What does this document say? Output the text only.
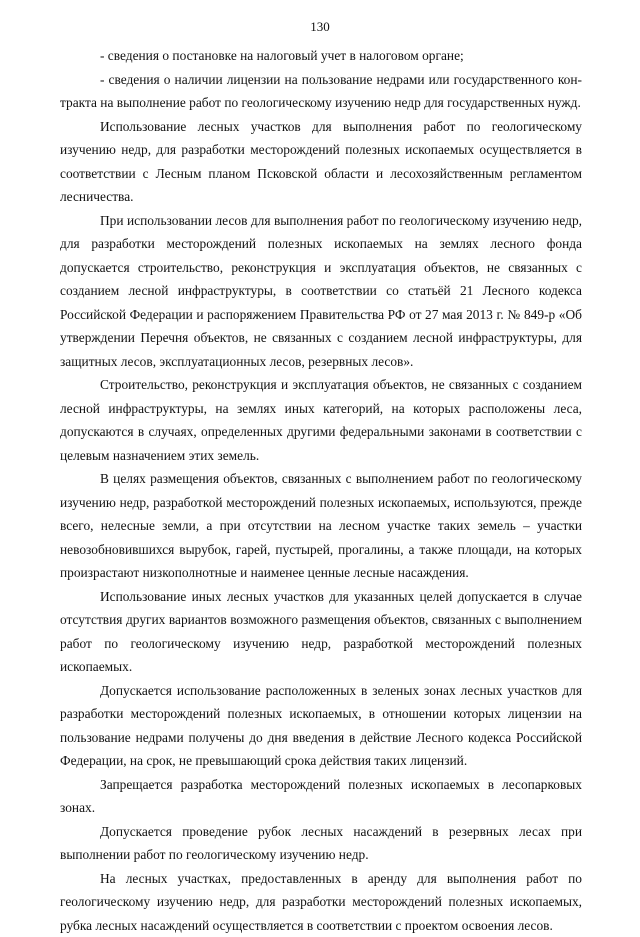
130

- сведения о постановке на налоговый учет в налоговом органе;

- сведения о наличии лицензии на пользование недрами или государственного контракта на выполнение работ по геологическому изучению недр для государственных нужд.

Использование лесных участков для выполнения работ по геологическому изучению недр, для разработки месторождений полезных ископаемых осуществляется в соответствии с Лесным планом Псковской области и лесохозяйственным регламентом лесничества.

При использовании лесов для выполнения работ по геологическому изучению недр, для разработки месторождений полезных ископаемых на землях лесного фонда допускается строительство, реконструкция и эксплуатация объектов, не связанных с созданием лесной инфраструктуры, в соответствии со статьёй 21 Лесного кодекса Российской Федерации и распоряжением Правительства РФ от 27 мая 2013 г. № 849-р «Об утверждении Перечня объектов, не связанных с созданием лесной инфраструктуры, для защитных лесов, эксплуатационных лесов, резервных лесов».

Строительство, реконструкция и эксплуатация объектов, не связанных с созданием лесной инфраструктуры, на землях иных категорий, на которых расположены леса, допускаются в случаях, определенных другими федеральными законами в соответствии с целевым назначением этих земель.

В целях размещения объектов, связанных с выполнением работ по геологическому изучению недр, разработкой месторождений полезных ископаемых, используются, прежде всего, нелесные земли, а при отсутствии на лесном участке таких земель – участки невозобновившихся вырубок, гарей, пустырей, прогалины, а также площади, на которых произрастают низкополнотные и наименее ценные лесные насаждения.

Использование иных лесных участков для указанных целей допускается в случае отсутствия других вариантов возможного размещения объектов, связанных с выполнением работ по геологическому изучению недр, разработкой месторождений полезных ископаемых.

Допускается использование расположенных в зеленых зонах лесных участков для разработки месторождений полезных ископаемых, в отношении которых лицензии на пользование недрами получены до дня введения в действие Лесного кодекса Российской Федерации, на срок, не превышающий срока действия таких лицензий.

Запрещается разработка месторождений полезных ископаемых в лесопарковых зонах.

Допускается проведение рубок лесных насаждений в резервных лесах при выполнении работ по геологическому изучению недр.

На лесных участках, предоставленных в аренду для выполнения работ по геологическому изучению недр, для разработки месторождений полезных ископаемых, рубка лесных насаждений осуществляется в соответствии с проектом освоения лесов.
